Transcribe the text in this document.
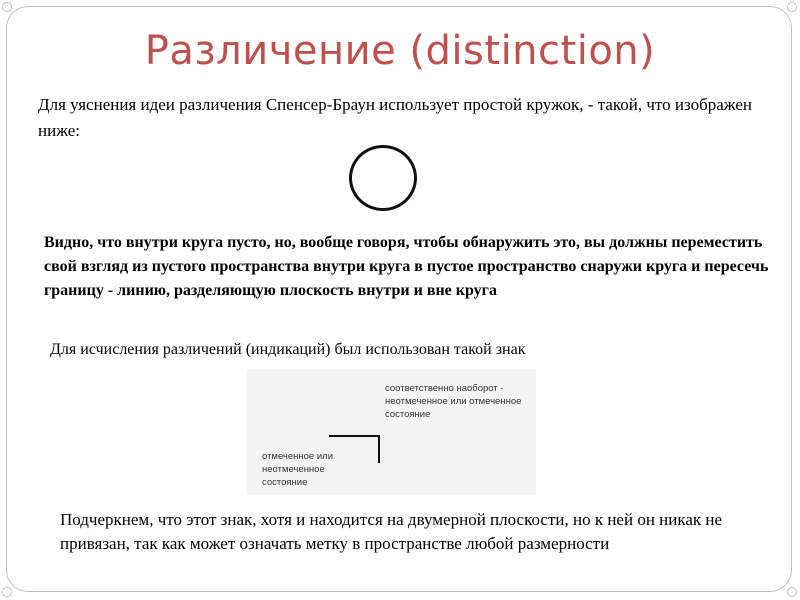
Различение (distinction)
Для уяснения идеи различения Спенсер-Браун использует простой кружок, - такой, что изображен ниже:
Видно, что внутри круга пусто, но, вообще говоря, чтобы обнаружить это, вы должны переместить свой взгляд из пустого пространства внутри круга в пустое пространство снаружи круга и пересечь границу - линию, разделяющую плоскость внутри и вне круга
Для исчисления различений (индикаций) был использован такой знак
соответственно наоборот - неотмеченное или отмеченное состояние
отмеченное или неотмеченное состояние
Подчеркнем, что этот знак, хотя и находится на двумерной плоскости, но к ней он никак не привязан, так как может означать метку в пространстве любой размерности
